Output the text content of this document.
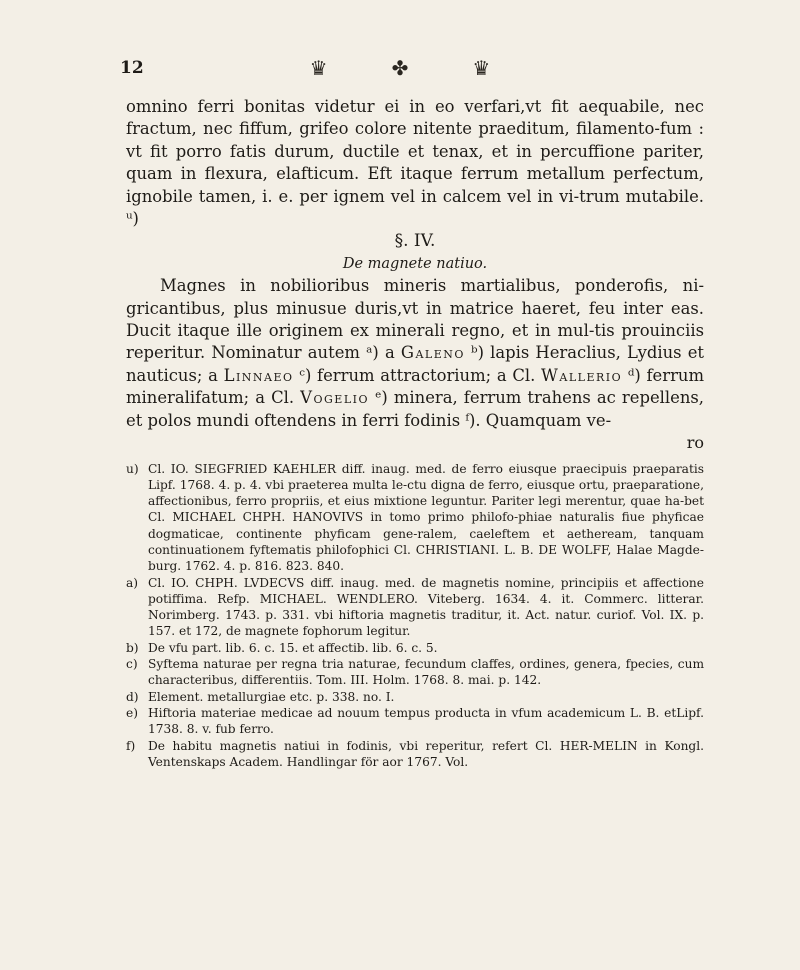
12	♛	✤	♛

omnino ferri bonitas videtur ei in eo verfari,vt fit aequabile, nec fractum, nec fiffum, grifeo colore nitente praeditum, filamento-fum : vt fit porro fatis durum, ductile et tenax, et in percuffione pariter, quam in flexura, elafticum. Eft itaque ferrum metallum perfectum, ignobile tamen, i. e. per ignem vel in calcem vel in vi-trum mutabile. ᵘ)

§. IV.

De magnete natiuo.

Magnes in nobilioribus mineris martialibus, ponderofis, ni-gricantibus, plus minusue duris,vt in matrice haeret, feu inter eas. Ducit itaque ille originem ex minerali regno, et in mul-tis prouinciis reperitur. Nominatur autem ᵃ) a Galeno ᵇ) lapis Heraclius, Lydius et nauticus; a Linnaeo ᶜ) ferrum attractorium; a Cl. Wallerio ᵈ) ferrum mineralifatum; a Cl. Vogelio ᵉ) minera, ferrum trahens ac repellens, et polos mundi oftendens in ferri fodinis ᶠ). Quamquam ve-

ro

u) Cl. IO. SIEGFRIED KAEHLER diff. inaug. med. de ferro eiusque praecipuis praeparatis Lipf. 1768. 4. p. 4. vbi praeterea multa le-ctu digna de ferro, eiusque ortu, praeparatione, affectionibus, ferro propriis, et eius mixtione leguntur. Pariter legi merentur, quae ha-bet Cl. MICHAEL CHPH. HANOVIVS in tomo primo philofo-phiae naturalis fiue phyficae dogmaticae, continente phyficam gene-ralem, caeleftem et aetheream, tanquam continuationem fyftematis philofophici Cl. CHRISTIANI. L. B. DE WOLFF, Halae Magde-burg. 1762. 4. p. 816. 823. 840.

a) Cl. IO. CHPH. LVDECVS diff. inaug. med. de magnetis nomine, principiis et affectione potiffima. Refp. MICHAEL. WENDLERO. Viteberg. 1634. 4. it. Commerc. litterar. Norimberg. 1743. p. 331. vbi hiftoria magnetis traditur, it. Act. natur. curiof. Vol. IX. p. 157. et 172, de magnete fophorum legitur.

b) De vfu part. lib. 6. c. 15. et affectib. lib. 6. c. 5.

c) Syftema naturae per regna tria naturae, fecundum claffes, ordines, genera, fpecies, cum characteribus, differentiis. Tom. III. Holm. 1768. 8. mai. p. 142.

d) Element. metallurgiae etc. p. 338. no. I.

e) Hiftoria materiae medicae ad nouum tempus producta in vfum academicum L. B. etLipf. 1738. 8. v. fub ferro.

f)	De habitu magnetis natiui in fodinis, vbi reperitur, refert Cl. HER-MELIN in Kongl. Ventenskaps Academ. Handlingar för aor 1767. Vol.
